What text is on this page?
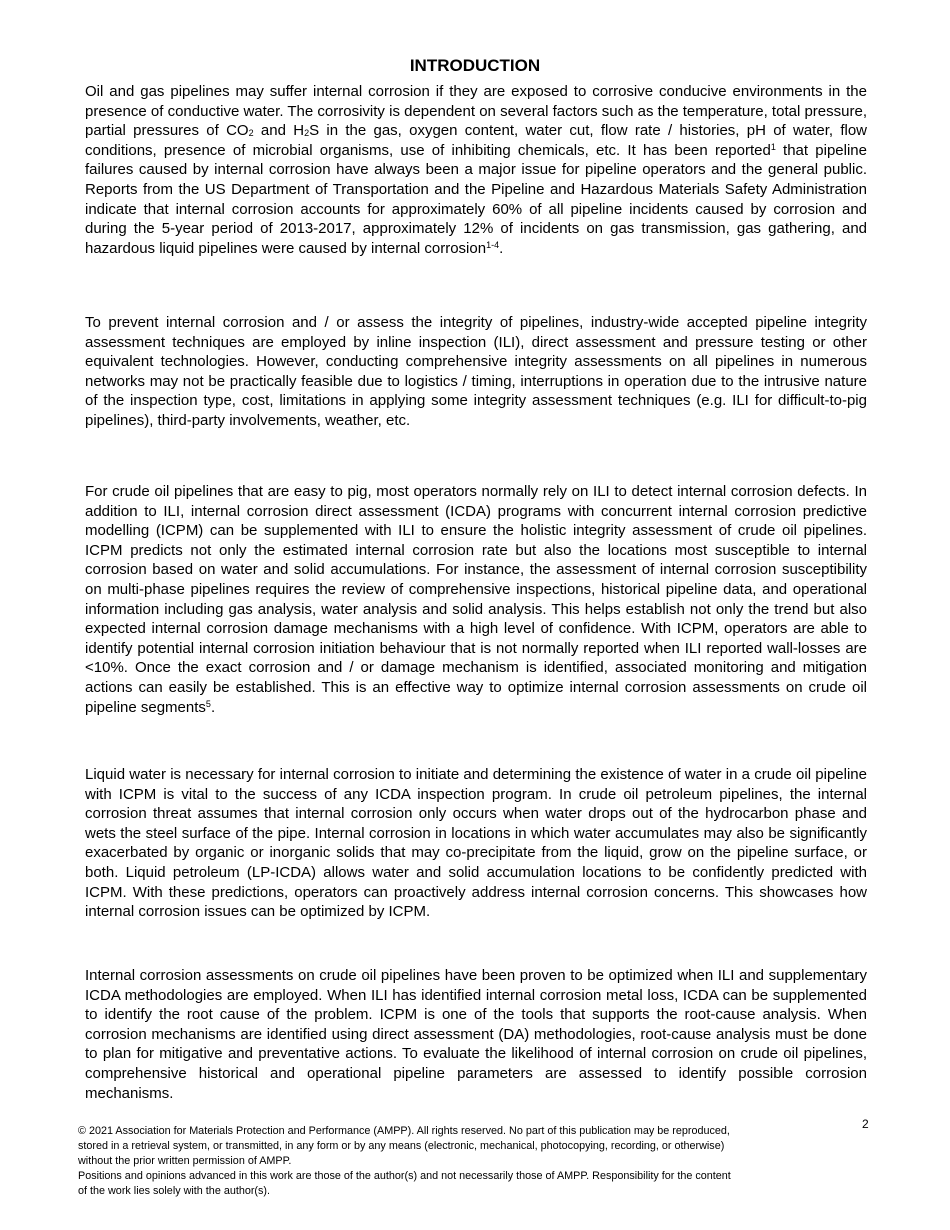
INTRODUCTION

Oil and gas pipelines may suffer internal corrosion if they are exposed to corrosive conducive environments in the presence of conductive water. The corrosivity is dependent on several factors such as the temperature, total pressure, partial pressures of $CO_2$ and $H_2S$ in the gas, oxygen content, water cut, flow rate / histories, pH of water, flow conditions, presence of microbial organisms, use of inhibiting chemicals, etc. It has been reported$^1$ that pipeline failures caused by internal corrosion have always been a major issue for pipeline operators and the general public. Reports from the US Department of Transportation and the Pipeline and Hazardous Materials Safety Administration indicate that internal corrosion accounts for approximately 60% of all pipeline incidents caused by corrosion and during the 5-year period of 2013-2017, approximately 12% of incidents on gas transmission, gas gathering, and hazardous liquid pipelines were caused by internal corrosion$^{1-4}$.

To prevent internal corrosion and / or assess the integrity of pipelines, industry-wide accepted pipeline integrity assessment techniques are employed by inline inspection (ILI), direct assessment and pressure testing or other equivalent technologies. However, conducting comprehensive integrity assessments on all pipelines in numerous networks may not be practically feasible due to logistics / timing, interruptions in operation due to the intrusive nature of the inspection type, cost, limitations in applying some integrity assessment techniques (e.g. ILI for difficult-to-pig pipelines), third-party involvements, weather, etc.

For crude oil pipelines that are easy to pig, most operators normally rely on ILI to detect internal corrosion defects. In addition to ILI, internal corrosion direct assessment (ICDA) programs with concurrent internal corrosion predictive modelling (ICPM) can be supplemented with ILI to ensure the holistic integrity assessment of crude oil pipelines. ICPM predicts not only the estimated internal corrosion rate but also the locations most susceptible to internal corrosion based on water and solid accumulations. For instance, the assessment of internal corrosion susceptibility on multi-phase pipelines requires the review of comprehensive inspections, historical pipeline data, and operational information including gas analysis, water analysis and solid analysis. This helps establish not only the trend but also expected internal corrosion damage mechanisms with a high level of confidence. With ICPM, operators are able to identify potential internal corrosion initiation behaviour that is not normally reported when ILI reported wall-losses are <10%. Once the exact corrosion and / or damage mechanism is identified, associated monitoring and mitigation actions can easily be established. This is an effective way to optimize internal corrosion assessments on crude oil pipeline segments$^5$.

Liquid water is necessary for internal corrosion to initiate and determining the existence of water in a crude oil pipeline with ICPM is vital to the success of any ICDA inspection program. In crude oil petroleum pipelines, the internal corrosion threat assumes that internal corrosion only occurs when water drops out of the hydrocarbon phase and wets the steel surface of the pipe. Internal corrosion in locations in which water accumulates may also be significantly exacerbated by organic or inorganic solids that may co-precipitate from the liquid, grow on the pipeline surface, or both. Liquid petroleum (LP-ICDA) allows water and solid accumulation locations to be confidently predicted with ICPM. With these predictions, operators can proactively address internal corrosion concerns. This showcases how internal corrosion issues can be optimized by ICPM.

Internal corrosion assessments on crude oil pipelines have been proven to be optimized when ILI and supplementary ICDA methodologies are employed. When ILI has identified internal corrosion metal loss, ICDA can be supplemented to identify the root cause of the problem. ICPM is one of the tools that supports the root-cause analysis. When corrosion mechanisms are identified using direct assessment (DA) methodologies, root-cause analysis must be done to plan for mitigative and preventative actions. To evaluate the likelihood of internal corrosion on crude oil pipelines, comprehensive historical and operational pipeline parameters are assessed to identify possible corrosion mechanisms.

2

© 2021 Association for Materials Protection and Performance (AMPP). All rights reserved. No part of this publication may be reproduced,
stored in a retrieval system, or transmitted, in any form or by any means (electronic, mechanical, photocopying, recording, or otherwise)
without the prior written permission of AMPP.
Positions and opinions advanced in this work are those of the author(s) and not necessarily those of AMPP. Responsibility for the content
of the work lies solely with the author(s).
